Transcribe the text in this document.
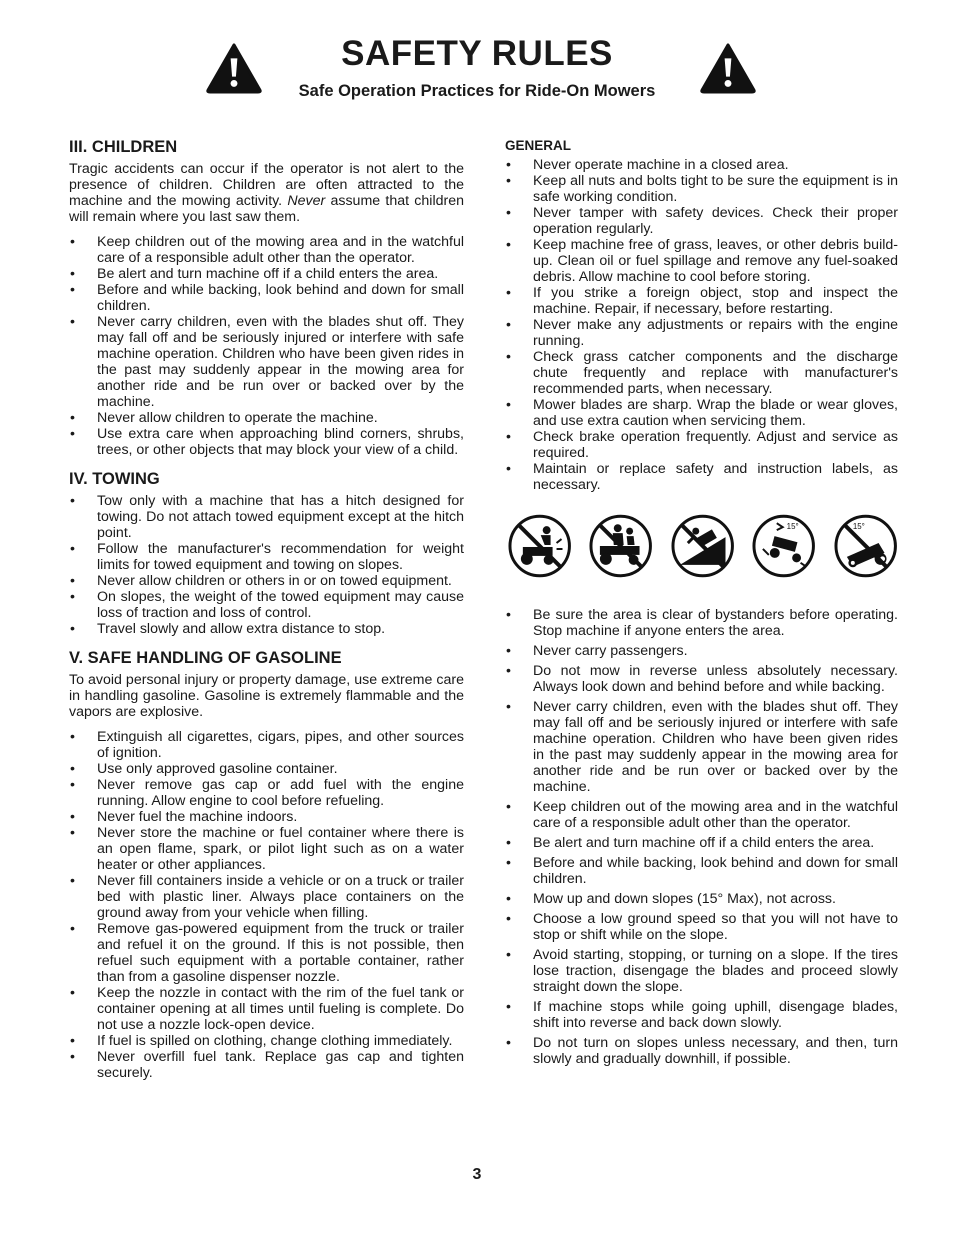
SAFETY RULES
Safe Operation Practices for Ride-On Mowers
III. CHILDREN

Tragic accidents can occur if the operator is not alert to the presence of children. Children are often attracted to the machine and the mowing activity. Never assume that children will remain where you last saw them.

• Keep children out of the mowing area and in the watchful care of a responsible adult other than the operator.
• Be alert and turn machine off if a child enters the area.
• Before and while backing, look behind and down for small children.
• Never carry children, even with the blades shut off. They may fall off and be seriously injured or interfere with safe machine operation. Children who have been given rides in the past may suddenly appear in the mowing area for another ride and be run over or backed over by the machine.
• Never allow children to operate the machine.
• Use extra care when approaching blind corners, shrubs, trees, or other objects that may block your view of a child.
IV. TOWING
• Tow only with a machine that has a hitch designed for towing. Do not attach towed equipment except at the hitch point.
• Follow the manufacturer's recommendation for weight limits for towed equipment and towing on slopes.
• Never allow children or others in or on towed equipment.
• On slopes, the weight of the towed equipment may cause loss of traction and loss of control.
• Travel slowly and allow extra distance to stop.
V. SAFE HANDLING OF GASOLINE

To avoid personal injury or property damage, use extreme care in handling gasoline. Gasoline is extremely flammable and the vapors are explosive.

• Extinguish all cigarettes, cigars, pipes, and other sources of ignition.
• Use only approved gasoline container.
• Never remove gas cap or add fuel with the engine running. Allow engine to cool before refueling.
• Never fuel the machine indoors.
• Never store the machine or fuel container where there is an open flame, spark, or pilot light such as on a water heater or other appliances.
• Never fill containers inside a vehicle or on a truck or trailer bed with plastic liner. Always place containers on the ground away from your vehicle when filling.
• Remove gas-powered equipment from the truck or trailer and refuel it on the ground. If this is not possible, then refuel such equipment with a portable container, rather than from a gasoline dispenser nozzle.
• Keep the nozzle in contact with the rim of the fuel tank or container opening at all times until fueling is complete. Do not use a nozzle lock-open device.
• If fuel is spilled on clothing, change clothing immediately.
• Never overfill fuel tank. Replace gas cap and tighten securely.
GENERAL
• Never operate machine in a closed area.
• Keep all nuts and bolts tight to be sure the equipment is in safe working condition.
• Never tamper with safety devices. Check their proper operation regularly.
• Keep machine free of grass, leaves, or other debris build-up. Clean oil or fuel spillage and remove any fuel-soaked debris. Allow machine to cool before storing.
• If you strike a foreign object, stop and inspect the machine. Repair, if necessary, before restarting.
• Never make any adjustments or repairs with the engine running.
• Check grass catcher components and the discharge chute frequently and replace with manufacturer's recommended parts, when necessary.
• Mower blades are sharp. Wrap the blade or wear gloves, and use extra caution when servicing them.
• Check brake operation frequently. Adjust and service as required.
• Maintain or replace safety and instruction labels, as necessary.
15°	15°
• Be sure the area is clear of bystanders before operating. Stop machine if anyone enters the area.
• Never carry passengers.
• Do not mow in reverse unless absolutely necessary. Always look down and behind before and while backing.
• Never carry children, even with the blades shut off. They may fall off and be seriously injured or interfere with safe machine operation. Children who have been given rides in the past may suddenly appear in the mowing area for another ride and be run over or backed over by the machine.
• Keep children out of the mowing area and in the watchful care of a responsible adult other than the operator.
• Be alert and turn machine off if a child enters the area.
• Before and while backing, look behind and down for small children.
• Mow up and down slopes (15° Max), not across.
• Choose a low ground speed so that you will not have to stop or shift while on the slope.
• Avoid starting, stopping, or turning on a slope. If the tires lose traction, disengage the blades and proceed slowly straight down the slope.
• If machine stops while going uphill, disengage blades, shift into reverse and back down slowly.
• Do not turn on slopes unless necessary, and then, turn slowly and gradually downhill, if possible.
3
